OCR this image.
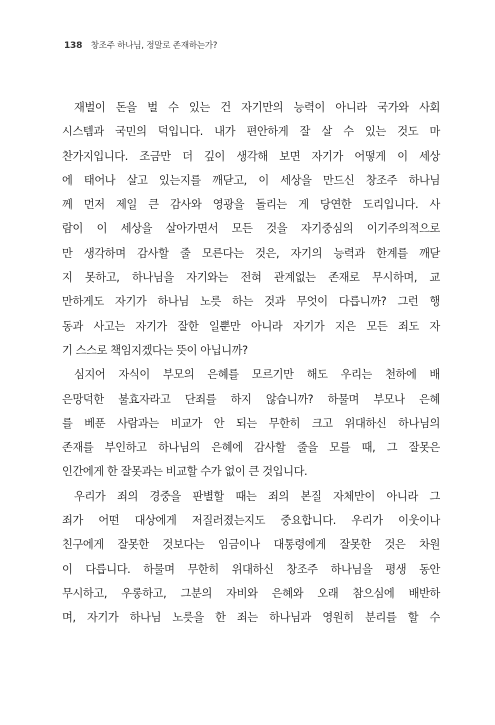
138 창조주 하나님, 정말로 존재하는가?
재벌이 돈을 벌 수 있는 건 자기만의 능력이 아니라 국가와 사회
시스템과 국민의 덕입니다. 내가 편안하게 잘 살 수 있는 것도 마
찬가지입니다. 조금만 더 깊이 생각해 보면 자기가 어떻게 이 세상
에 태어나 살고 있는지를 깨닫고, 이 세상을 만드신 창조주 하나님
께 먼저 제일 큰 감사와 영광을 돌리는 게 당연한 도리입니다. 사
람이 이 세상을 살아가면서 모든 것을 자기중심의 이기주의적으로
만 생각하며 감사할 줄 모른다는 것은, 자기의 능력과 한계를 깨닫
지 못하고, 하나님을 자기와는 전혀 관계없는 존재로 무시하며, 교
만하게도 자기가 하나님 노릇 하는 것과 무엇이 다릅니까? 그런 행
동과 사고는 자기가 잘한 일뿐만 아니라 자기가 지은 모든 죄도 자
기 스스로 책임지겠다는 뜻이 아닙니까?
심지어 자식이 부모의 은혜를 모르기만 해도 우리는 천하에 배
은망덕한 불효자라고 단죄를 하지 않습니까? 하물며 부모나 은혜
를 베푼 사람과는 비교가 안 되는 무한히 크고 위대하신 하나님의
존재를 부인하고 하나님의 은혜에 감사할 줄을 모를 때, 그 잘못은
인간에게 한 잘못과는 비교할 수가 없이 큰 것입니다.
우리가 죄의 경중을 판별할 때는 죄의 본질 자체만이 아니라 그
죄가 어떤 대상에게 저질러졌는지도 중요합니다. 우리가 이웃이나
친구에게 잘못한 것보다는 임금이나 대통령에게 잘못한 것은 차원
이 다릅니다. 하물며 무한히 위대하신 창조주 하나님을 평생 동안
무시하고, 우롱하고, 그분의 자비와 은혜와 오래 참으심에 배반하
며, 자기가 하나님 노릇을 한 죄는 하나님과 영원히 분리를 할 수
